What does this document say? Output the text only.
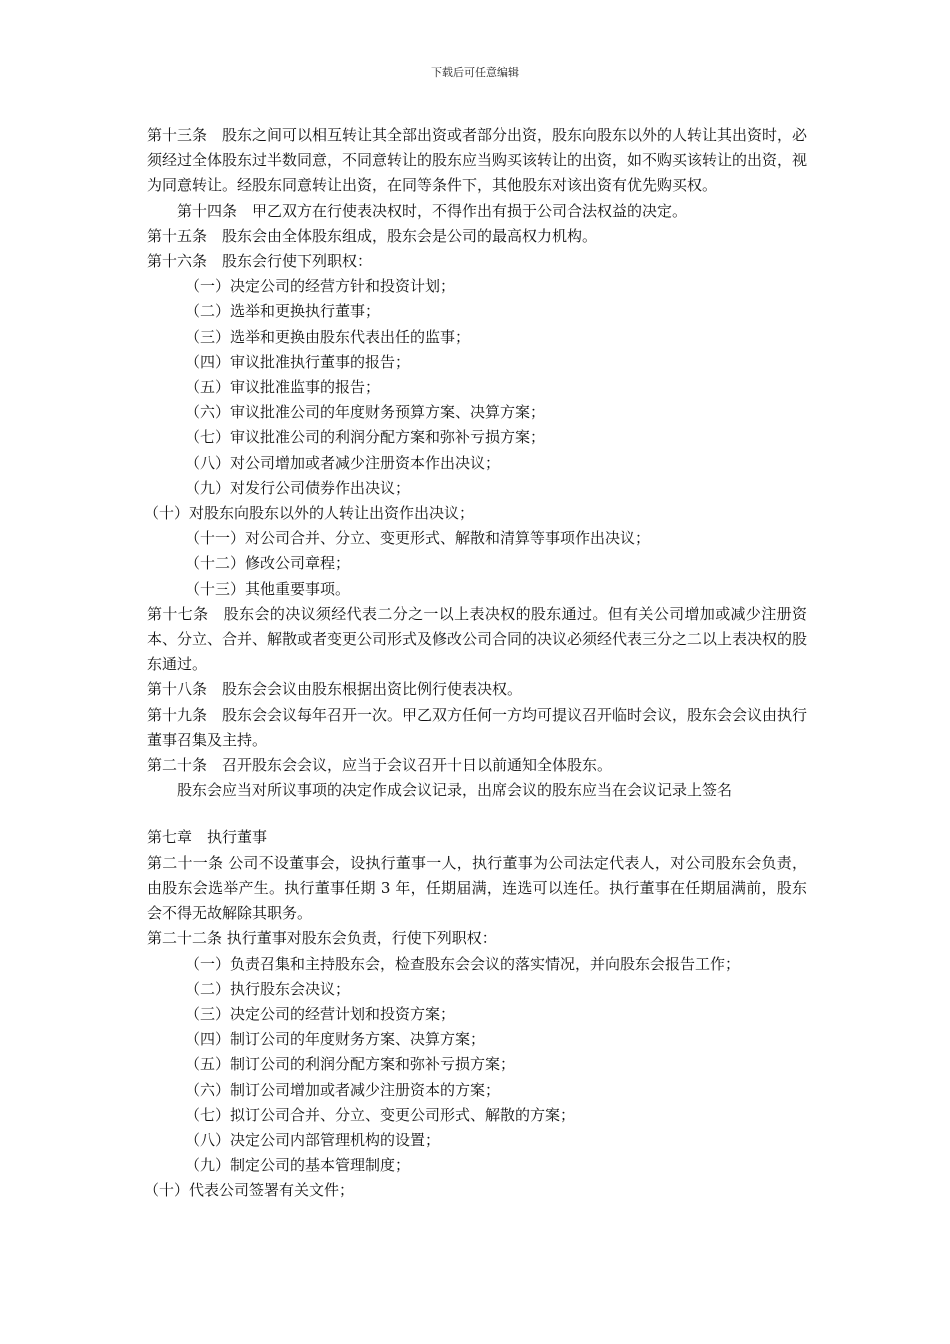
下载后可任意编辑

第十三条　股东之间可以相互转让其全部出资或者部分出资，股东向股东以外的人转让其出资时，必须经过全体股东过半数同意，不同意转让的股东应当购买该转让的出资，如不购买该转让的出资，视为同意转让。经股东同意转让出资，在同等条件下，其他股东对该出资有优先购买权。

第十四条　甲乙双方在行使表决权时，不得作出有损于公司合法权益的决定。

第十五条　股东会由全体股东组成，股东会是公司的最高权力机构。

第十六条　股东会行使下列职权：

（一）决定公司的经营方针和投资计划；

（二）选举和更换执行董事；

（三）选举和更换由股东代表出任的监事；

（四）审议批准执行董事的报告；

（五）审议批准监事的报告；

（六）审议批准公司的年度财务预算方案、决算方案；

（七）审议批准公司的利润分配方案和弥补亏损方案；

（八）对公司增加或者减少注册资本作出决议；

（九）对发行公司债券作出决议；

（十）对股东向股东以外的人转让出资作出决议；

（十一）对公司合并、分立、变更形式、解散和清算等事项作出决议；

（十二）修改公司章程；

（十三）其他重要事项。

第十七条　股东会的决议须经代表二分之一以上表决权的股东通过。但有关公司增加或减少注册资本、分立、合并、解散或者变更公司形式及修改公司合同的决议必须经代表三分之二以上表决权的股东通过。

第十八条　股东会会议由股东根据出资比例行使表决权。

第十九条　股东会会议每年召开一次。甲乙双方任何一方均可提议召开临时会议，股东会会议由执行董事召集及主持。

第二十条　召开股东会会议，应当于会议召开十日以前通知全体股东。

股东会应当对所议事项的决定作成会议记录，出席会议的股东应当在会议记录上签名

第七章　执行董事

第二十一条 公司不设董事会，设执行董事一人，执行董事为公司法定代表人，对公司股东会负责，由股东会选举产生。执行董事任期 3 年，任期届满，连选可以连任。执行董事在任期届满前，股东会不得无故解除其职务。

第二十二条 执行董事对股东会负责，行使下列职权：

（一）负责召集和主持股东会，检查股东会会议的落实情况，并向股东会报告工作；

（二）执行股东会决议；

（三）决定公司的经营计划和投资方案；

（四）制订公司的年度财务方案、决算方案；

（五）制订公司的利润分配方案和弥补亏损方案；

（六）制订公司增加或者减少注册资本的方案；

（七）拟订公司合并、分立、变更公司形式、解散的方案；

（八）决定公司内部管理机构的设置；

（九）制定公司的基本管理制度；

（十）代表公司签署有关文件；
